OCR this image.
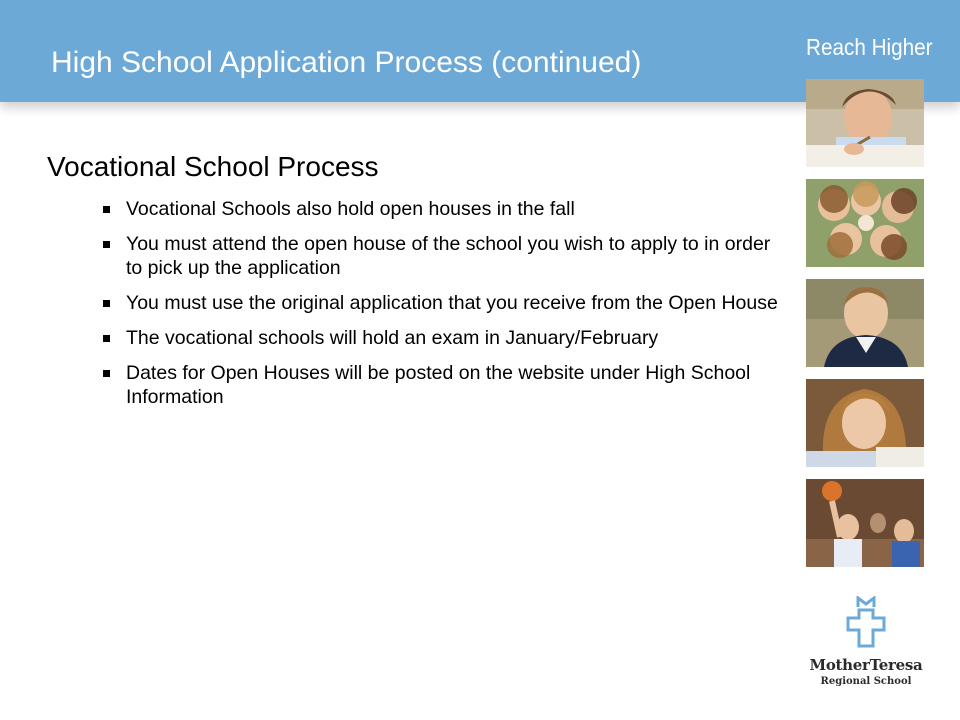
High School Application Process (continued)	Reach Higher
Vocational School Process
Vocational Schools also hold open houses in the fall
You must attend the open house of the school you wish to apply to in order to pick up the application
You must use the original application that you receive from the Open House
The vocational schools will hold an exam in January/February
Dates for Open Houses will be posted on the website under High School Information
MotherTeresa
Regional School
